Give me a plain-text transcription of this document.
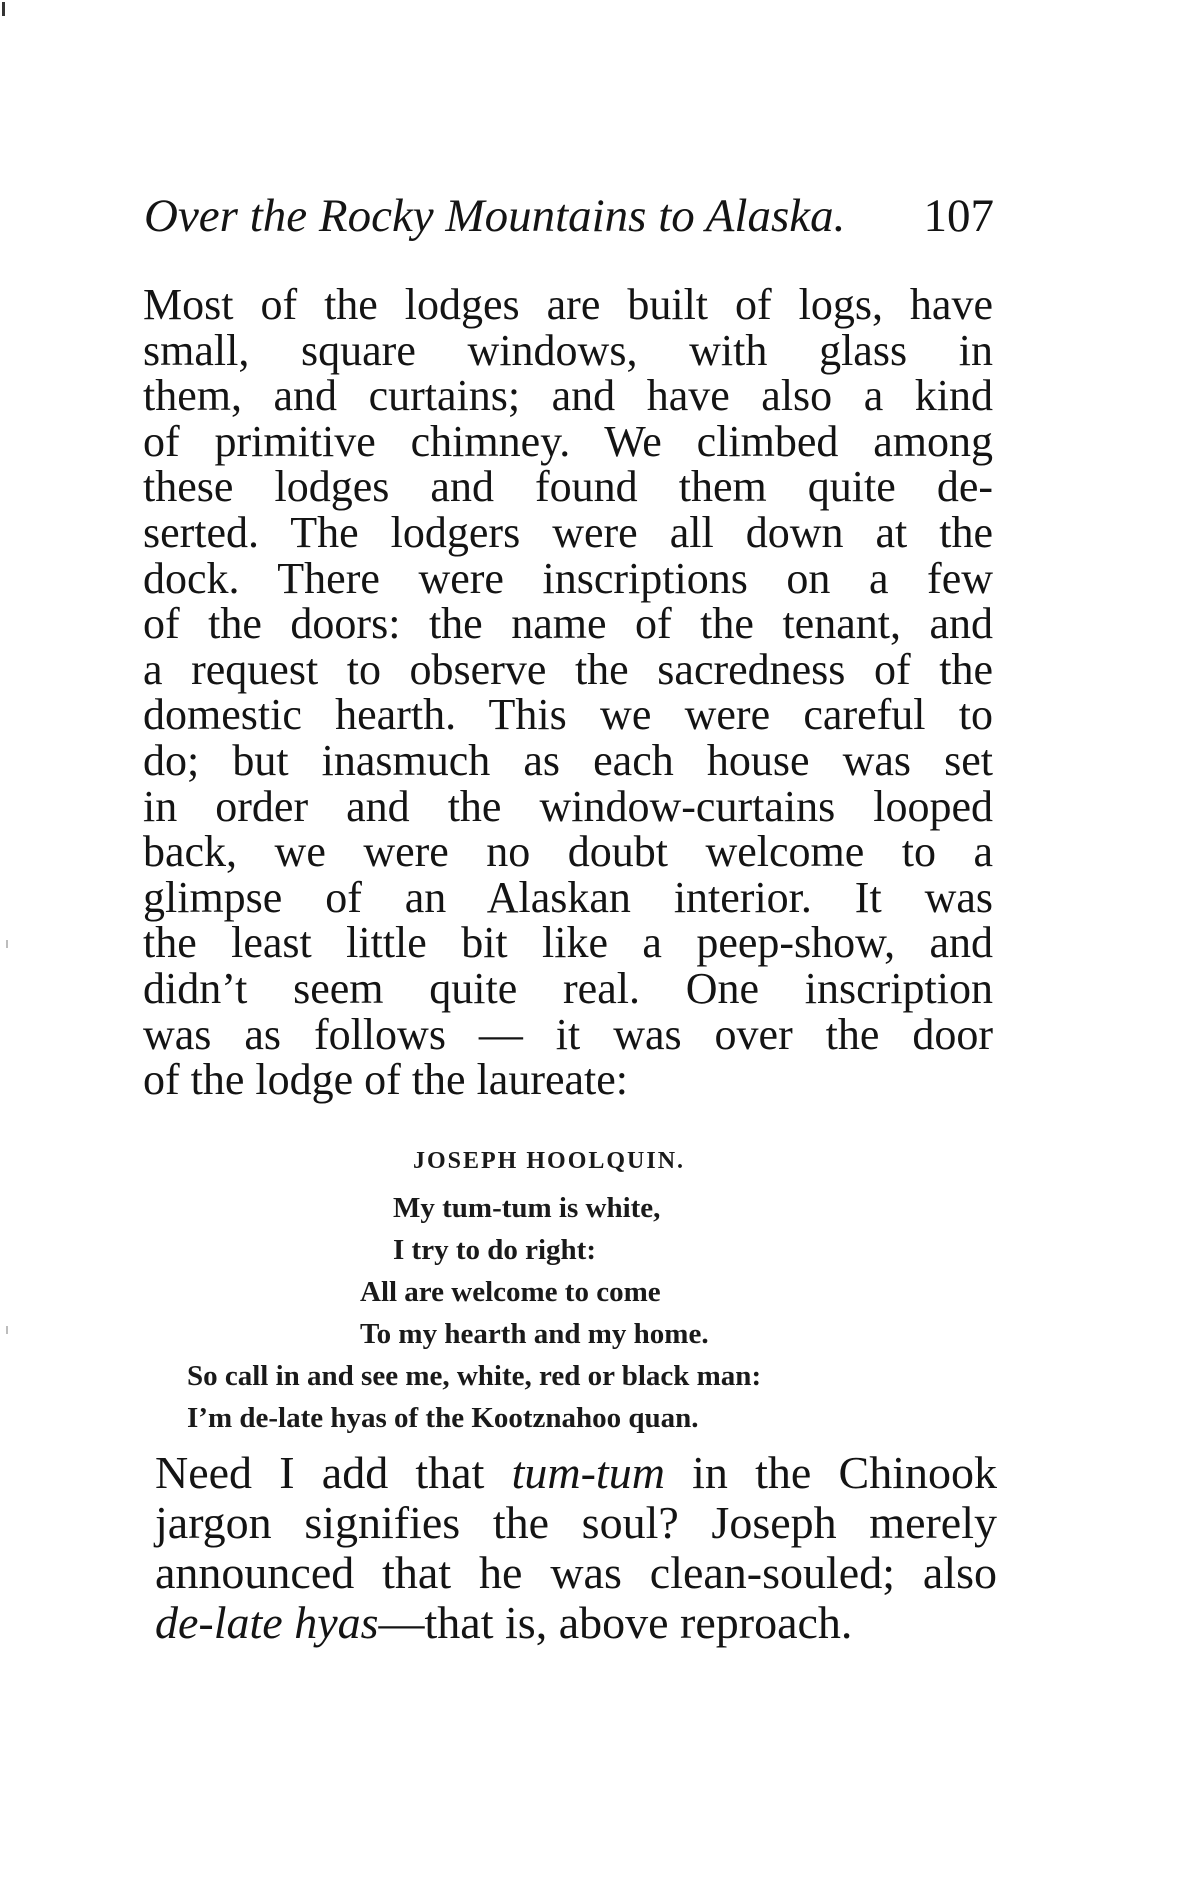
Over the Rocky Mountains to Alaska. 107
Most of the lodges are built of logs, have
small, square windows, with glass in
them, and curtains; and have also a kind
of primitive chimney. We climbed among
these lodges and found them quite de-
serted. The lodgers were all down at the
dock. There were inscriptions on a few
of the doors: the name of the tenant, and
a request to observe the sacredness of the
domestic hearth. This we were careful to
do; but inasmuch as each house was set
in order and the window-curtains looped
back, we were no doubt welcome to a
glimpse of an Alaskan interior. It was
the least little bit like a peep-show, and
didn’t seem quite real. One inscription
was as follows — it was over the door
of the lodge of the laureate:
JOSEPH HOOLQUIN.
My tum-tum is white,
I try to do right:
All are welcome to come
To my hearth and my home.
So call in and see me, white, red or black man:
I’m de-late hyas of the Kootznahoo quan.
Need I add that tum-tum in the Chinook
jargon signifies the soul? Joseph merely
announced that he was clean-souled; also
de-late hyas—that is, above reproach.
